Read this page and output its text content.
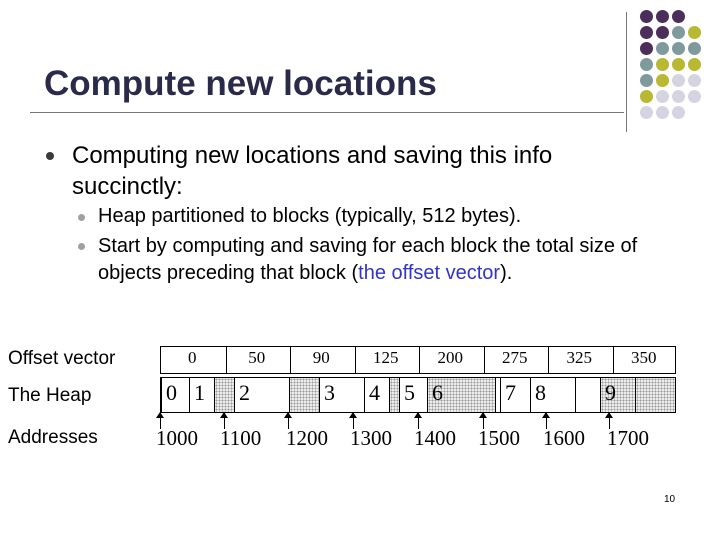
Compute new locations
Computing new locations and saving this info succinctly:
Heap partitioned to blocks (typically, 512 bytes).
Start by computing and saving for each block the total size of objects preceding that block (the offset vector).
Offset vector
The Heap
Addresses
0	50	90	125 200 275 325 350
0 1 2	3 4 5 6	7 8	9
1000 1100 1200 1300 1400 1500 1600 1700
10
